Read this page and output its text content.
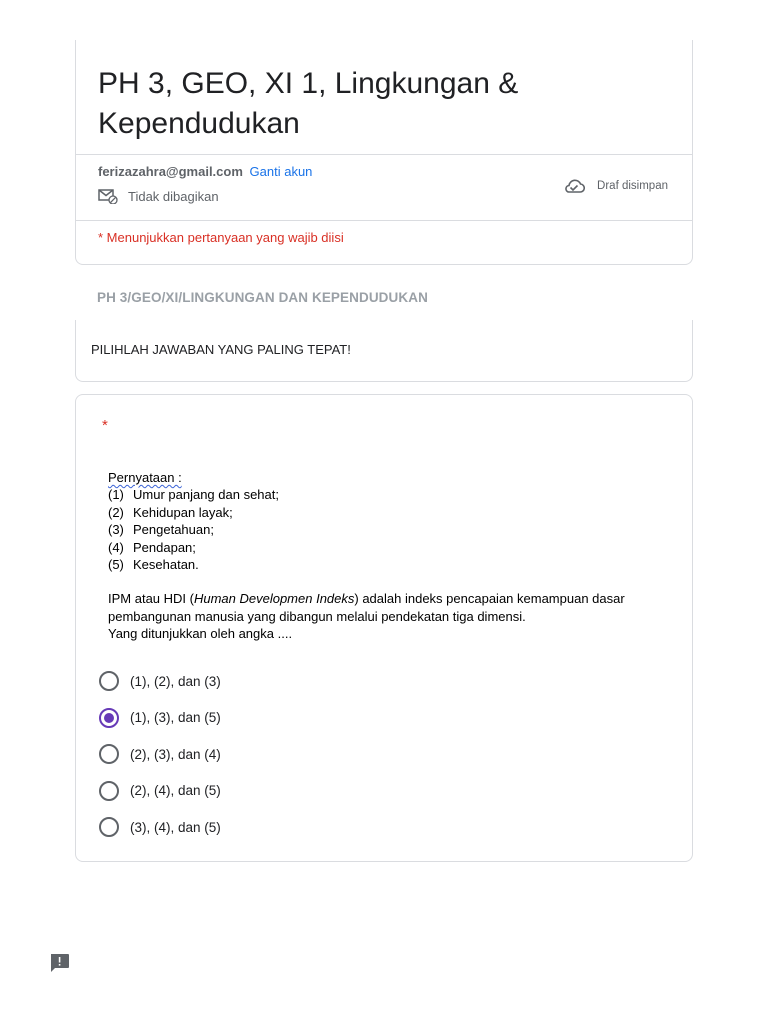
PH 3, GEO, XI 1, Lingkungan & Kependudukan
ferizazahra@gmail.com Ganti akun
Tidak dibagikan
Draf disimpan
* Menunjukkan pertanyaan yang wajib diisi
PH 3/GEO/XI/LINGKUNGAN DAN KEPENDUDUKAN
PILIHLAH JAWABAN YANG PALING TEPAT!
*
Pernyataan :
(1) Umur panjang dan sehat;
(2) Kehidupan layak;
(3) Pengetahuan;
(4) Pendapan;
(5) Kesehatan.
IPM atau HDI (Human Developmen Indeks) adalah indeks pencapaian kemampuan dasar pembangunan manusia yang dibangun melalui pendekatan tiga dimensi.
Yang ditunjukkan oleh angka ....
(1), (2), dan (3)
(1), (3), dan (5)
(2), (3), dan (4)
(2), (4), dan (5)
(3), (4), dan (5)
